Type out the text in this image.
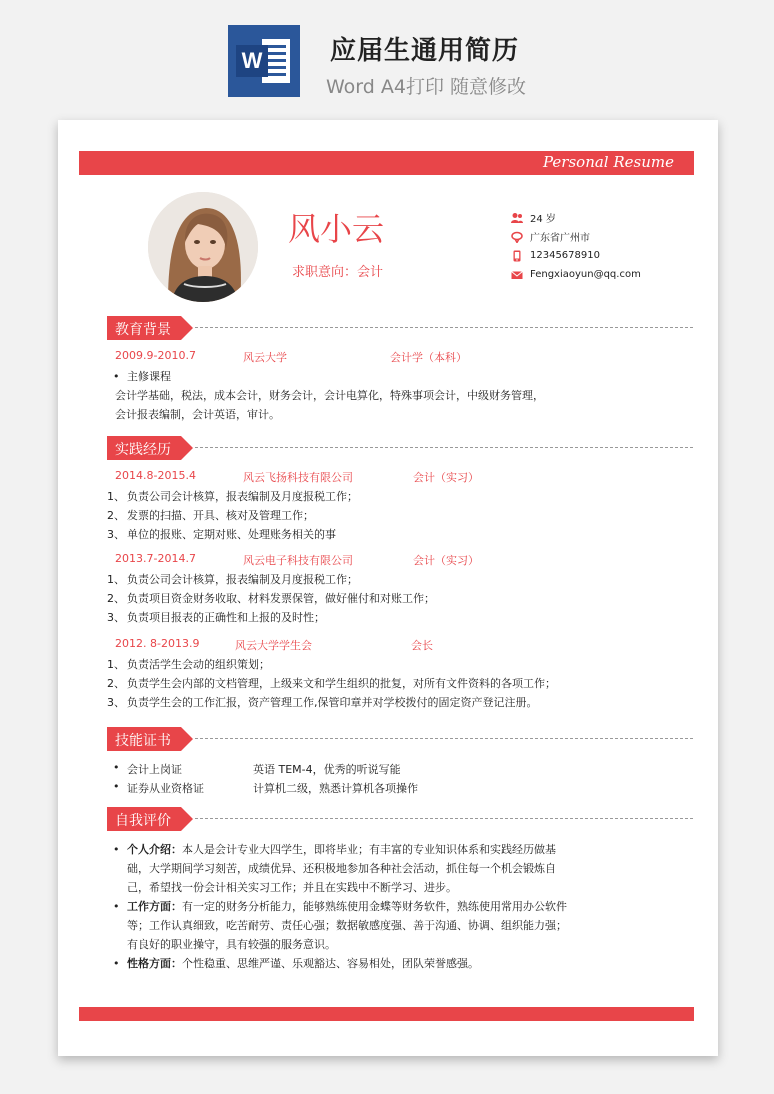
W	应届生通用简历
Word A4打印 随意修改
Personal Resume
风小云
求职意向：会计
24 岁
广东省广州市
12345678910
Fengxiaoyun@qq.com
教育背景
2009.9-2010.7	风云大学	会计学（本科）
• 主修课程
会计学基础，税法，成本会计，财务会计，会计电算化，特殊事项会计，中级财务管理，
会计报表编制，会计英语，审计。
实践经历
2014.8-2015.4	风云飞扬科技有限公司	会计（实习）
1、 负责公司会计核算，报表编制及月度报税工作；
2、 发票的扫描、开具、核对及管理工作；
3、 单位的报账、定期对账、处理账务相关的事
2013.7-2014.7	风云电子科技有限公司	会计（实习）
1、 负责公司会计核算，报表编制及月度报税工作；
2、 负责项目资金财务收取、材料发票保管，做好催付和对账工作；
3、 负责项目报表的正确性和上报的及时性；
2012. 8-2013.9	风云大学学生会	会长
1、 负责活学生会动的组织策划；
2、 负责学生会内部的文档管理，上级来文和学生组织的批复，对所有文件资料的各项工作；
3、 负责学生会的工作汇报，资产管理工作,保管印章并对学校拨付的固定资产登记注册。
技能证书
• 会计上岗证	英语 TEM-4，优秀的听说写能
• 证券从业资格证	计算机二级，熟悉计算机各项操作
自我评价
• 个人介绍：本人是会计专业大四学生，即将毕业；有丰富的专业知识体系和实践经历做基础，大学期间学习刻苦，成绩优异、还积极地参加各种社会活动，抓住每一个机会锻炼自己，希望找一份会计相关实习工作；并且在实践中不断学习、进步。
• 工作方面：有一定的财务分析能力，能够熟练使用金蝶等财务软件，熟练使用常用办公软件等；工作认真细致，吃苦耐劳、责任心强；数据敏感度强、善于沟通、协调、组织能力强；有良好的职业操守，具有较强的服务意识。
• 性格方面：个性稳重、思维严谨、乐观豁达、容易相处，团队荣誉感强。
